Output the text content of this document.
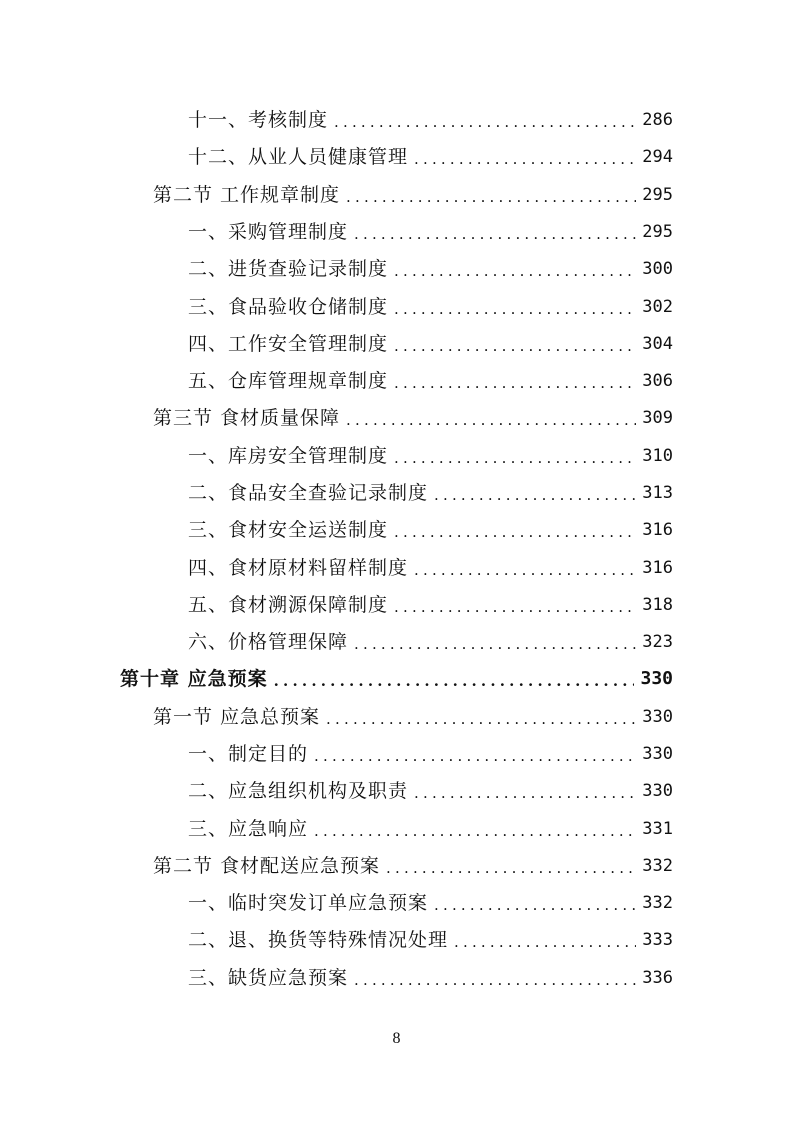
十一、考核制度 .....	286
十二、从业人员健康管理 .....	294
第二节 工作规章制度 .....	295
一、采购管理制度 .....	295
二、进货查验记录制度 .....	300
三、食品验收仓储制度 .....	302
四、工作安全管理制度 .....	304
五、仓库管理规章制度 .....	306
第三节 食材质量保障 .....	309
一、库房安全管理制度 .....	310
二、食品安全查验记录制度 .....	313
三、食材安全运送制度 .....	316
四、食材原材料留样制度 .....	316
五、食材溯源保障制度 .....	318
六、价格管理保障 .....	323
第十章 应急预案 .....	330
第一节 应急总预案 .....	330
一、制定目的 .....	330
二、应急组织机构及职责 .....	330
三、应急响应 .....	331
第二节 食材配送应急预案 .....	332
一、临时突发订单应急预案 .....	332
二、退、换货等特殊情况处理 .....	333
三、缺货应急预案 .....	336
8
